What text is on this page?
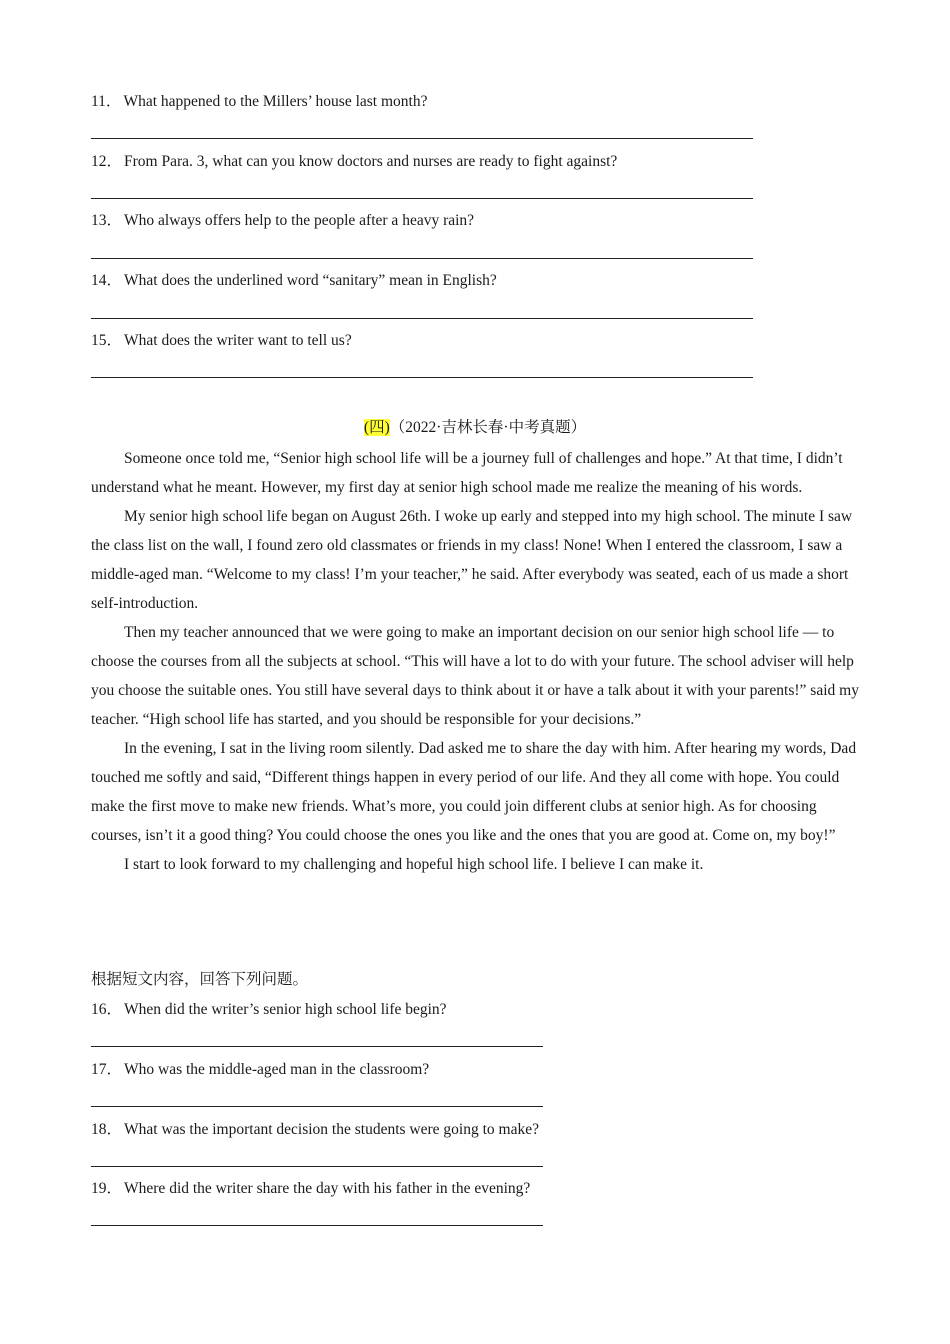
11． What happened to the Millers’ house last month?
12． From Para. 3, what can you know doctors and nurses are ready to fight against?
13． Who always offers help to the people after a heavy rain?
14． What does the underlined word “sanitary” mean in English?
15． What does the writer want to tell us?
(四)（2022·吉林长春·中考真题）

Someone once told me, “Senior high school life will be a journey full of challenges and hope.” At that time, I didn’t understand what he meant. However, my first day at senior high school made me realize the meaning of his words.

My senior high school life began on August 26th. I woke up early and stepped into my high school. The minute I saw the class list on the wall, I found zero old classmates or friends in my class! None! When I entered the classroom, I saw a middle-aged man. “Welcome to my class! I’m your teacher,” he said. After everybody was seated, each of us made a short self-introduction.

Then my teacher announced that we were going to make an important decision on our senior high school life — to choose the courses from all the subjects at school. “This will have a lot to do with your future. The school adviser will help you choose the suitable ones. You still have several days to think about it or have a talk about it with your parents!” said my teacher. “High school life has started, and you should be responsible for your decisions.”

In the evening, I sat in the living room silently. Dad asked me to share the day with him. After hearing my words, Dad touched me softly and said, “Different things happen in every period of our life. And they all come with hope. You could make the first move to make new friends. What’s more, you could join different clubs at senior high. As for choosing courses, isn’t it a good thing? You could choose the ones you like and the ones that you are good at. Come on, my boy!”

I start to look forward to my challenging and hopeful high school life. I believe I can make it.

根据短文内容，回答下列问题。
16． When did the writer’s senior high school life begin?
17． Who was the middle-aged man in the classroom?
18． What was the important decision the students were going to make?
19． Where did the writer share the day with his father in the evening?
